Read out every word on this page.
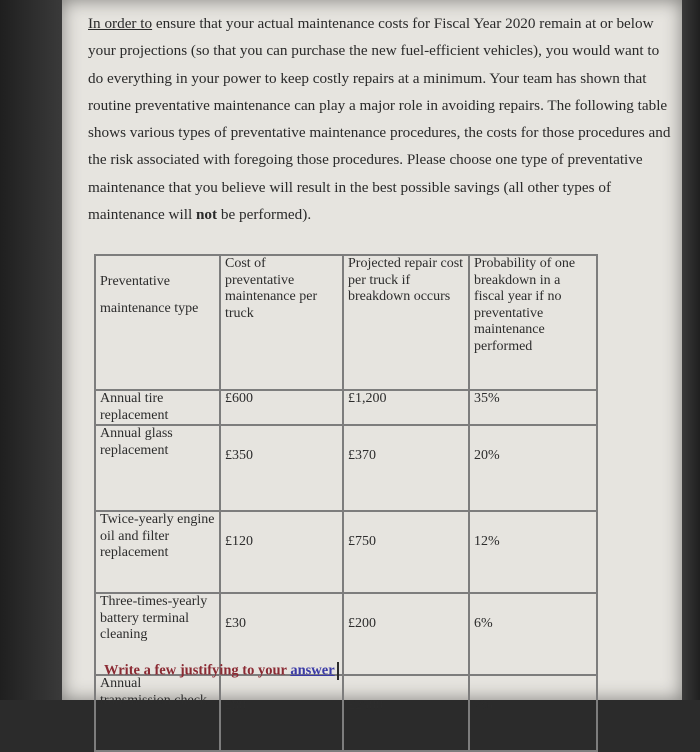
In order to ensure that your actual maintenance costs for Fiscal Year 2020 remain at or below your projections (so that you can purchase the new fuel-efficient vehicles), you would want to do everything in your power to keep costly repairs at a minimum. Your team has shown that routine preventative maintenance can play a major role in avoiding repairs. The following table shows various types of preventative maintenance procedures, the costs for those procedures and the risk associated with foregoing those procedures. Please choose one type of preventative maintenance that you believe will result in the best possible savings (all other types of maintenance will not be performed).
Preventative
maintenance type	Cost of preventative maintenance per truck	Projected repair cost per truck if breakdown occurs	Probability of one breakdown in a fiscal year if no preventative maintenance performed
Annual tire replacement	£600	£1,200	35%
Annual glass replacement	£350	£370	20%
Twice-yearly engine oil and filter replacement	£120	£750	12%
Three-times-yearly battery terminal cleaning	£30	£200	6%
Annual transmission check	£80	£2500	7%
Write a few justifying to your answer
